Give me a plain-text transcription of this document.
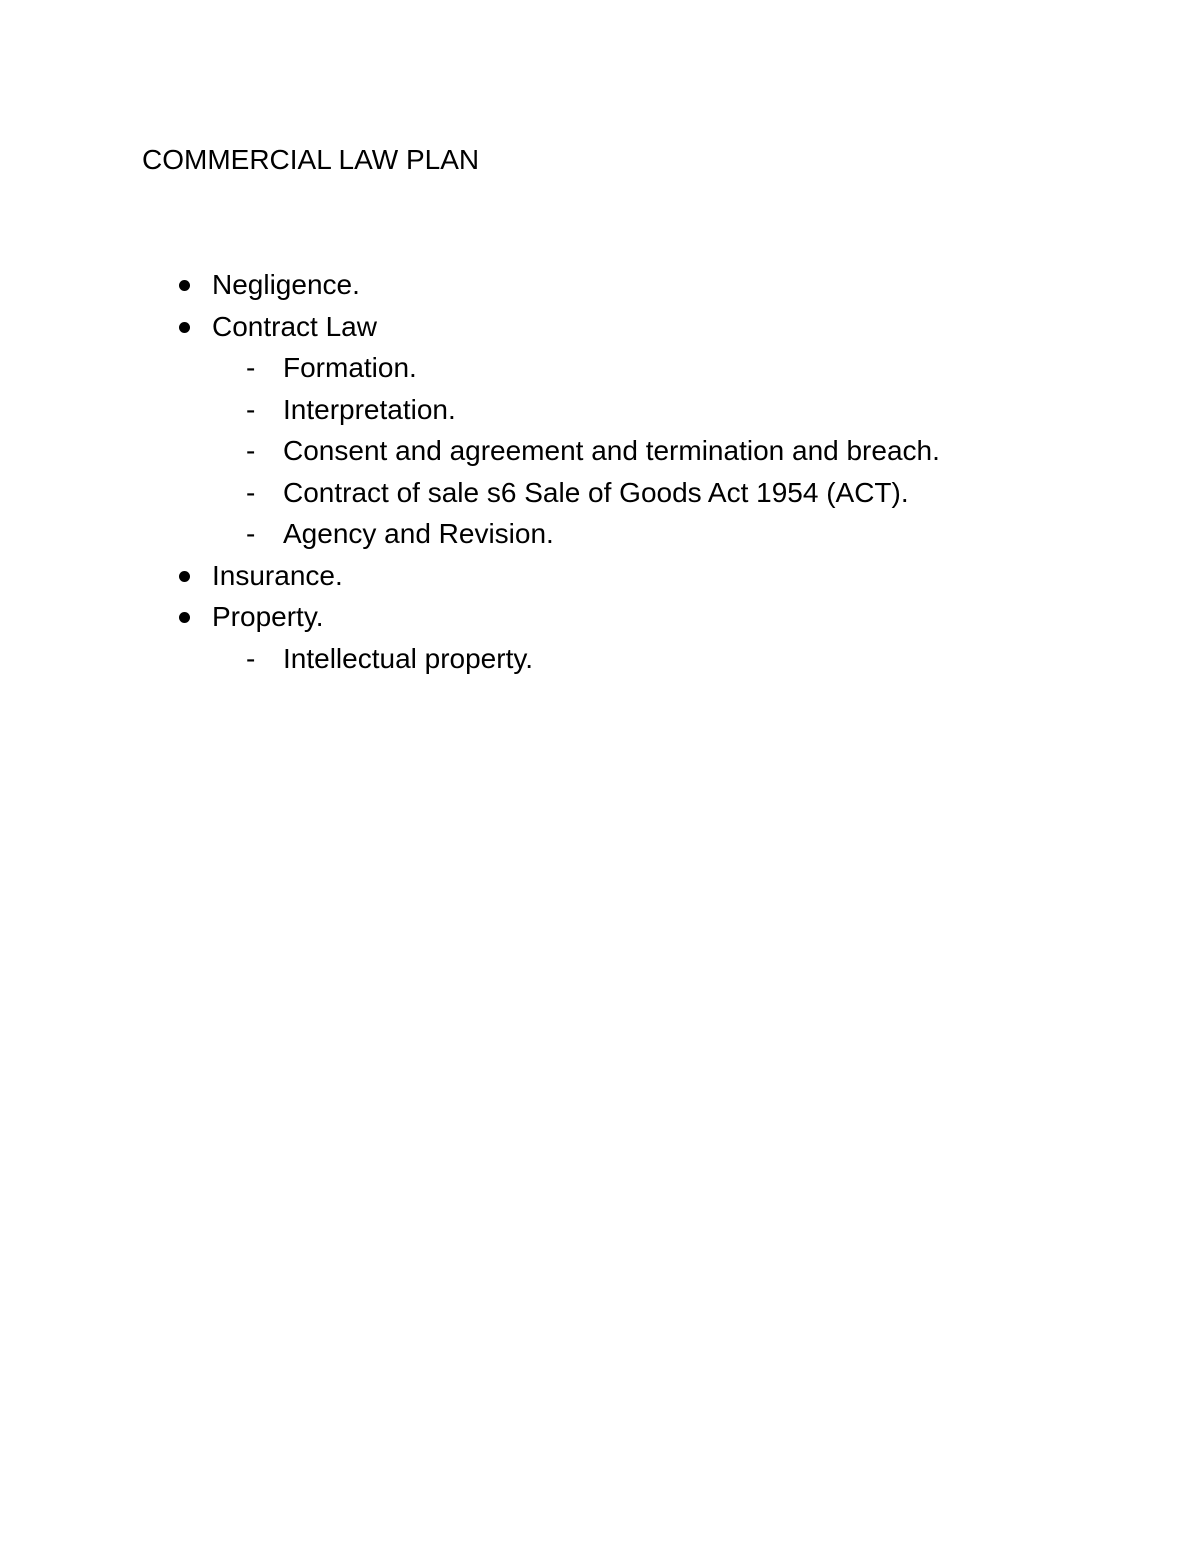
COMMERCIAL LAW PLAN
Negligence.
Contract Law
- Formation.
- Interpretation.
- Consent and agreement and termination and breach.
- Contract of sale s6 Sale of Goods Act 1954 (ACT).
- Agency and Revision.
Insurance.
Property.
- Intellectual property.
